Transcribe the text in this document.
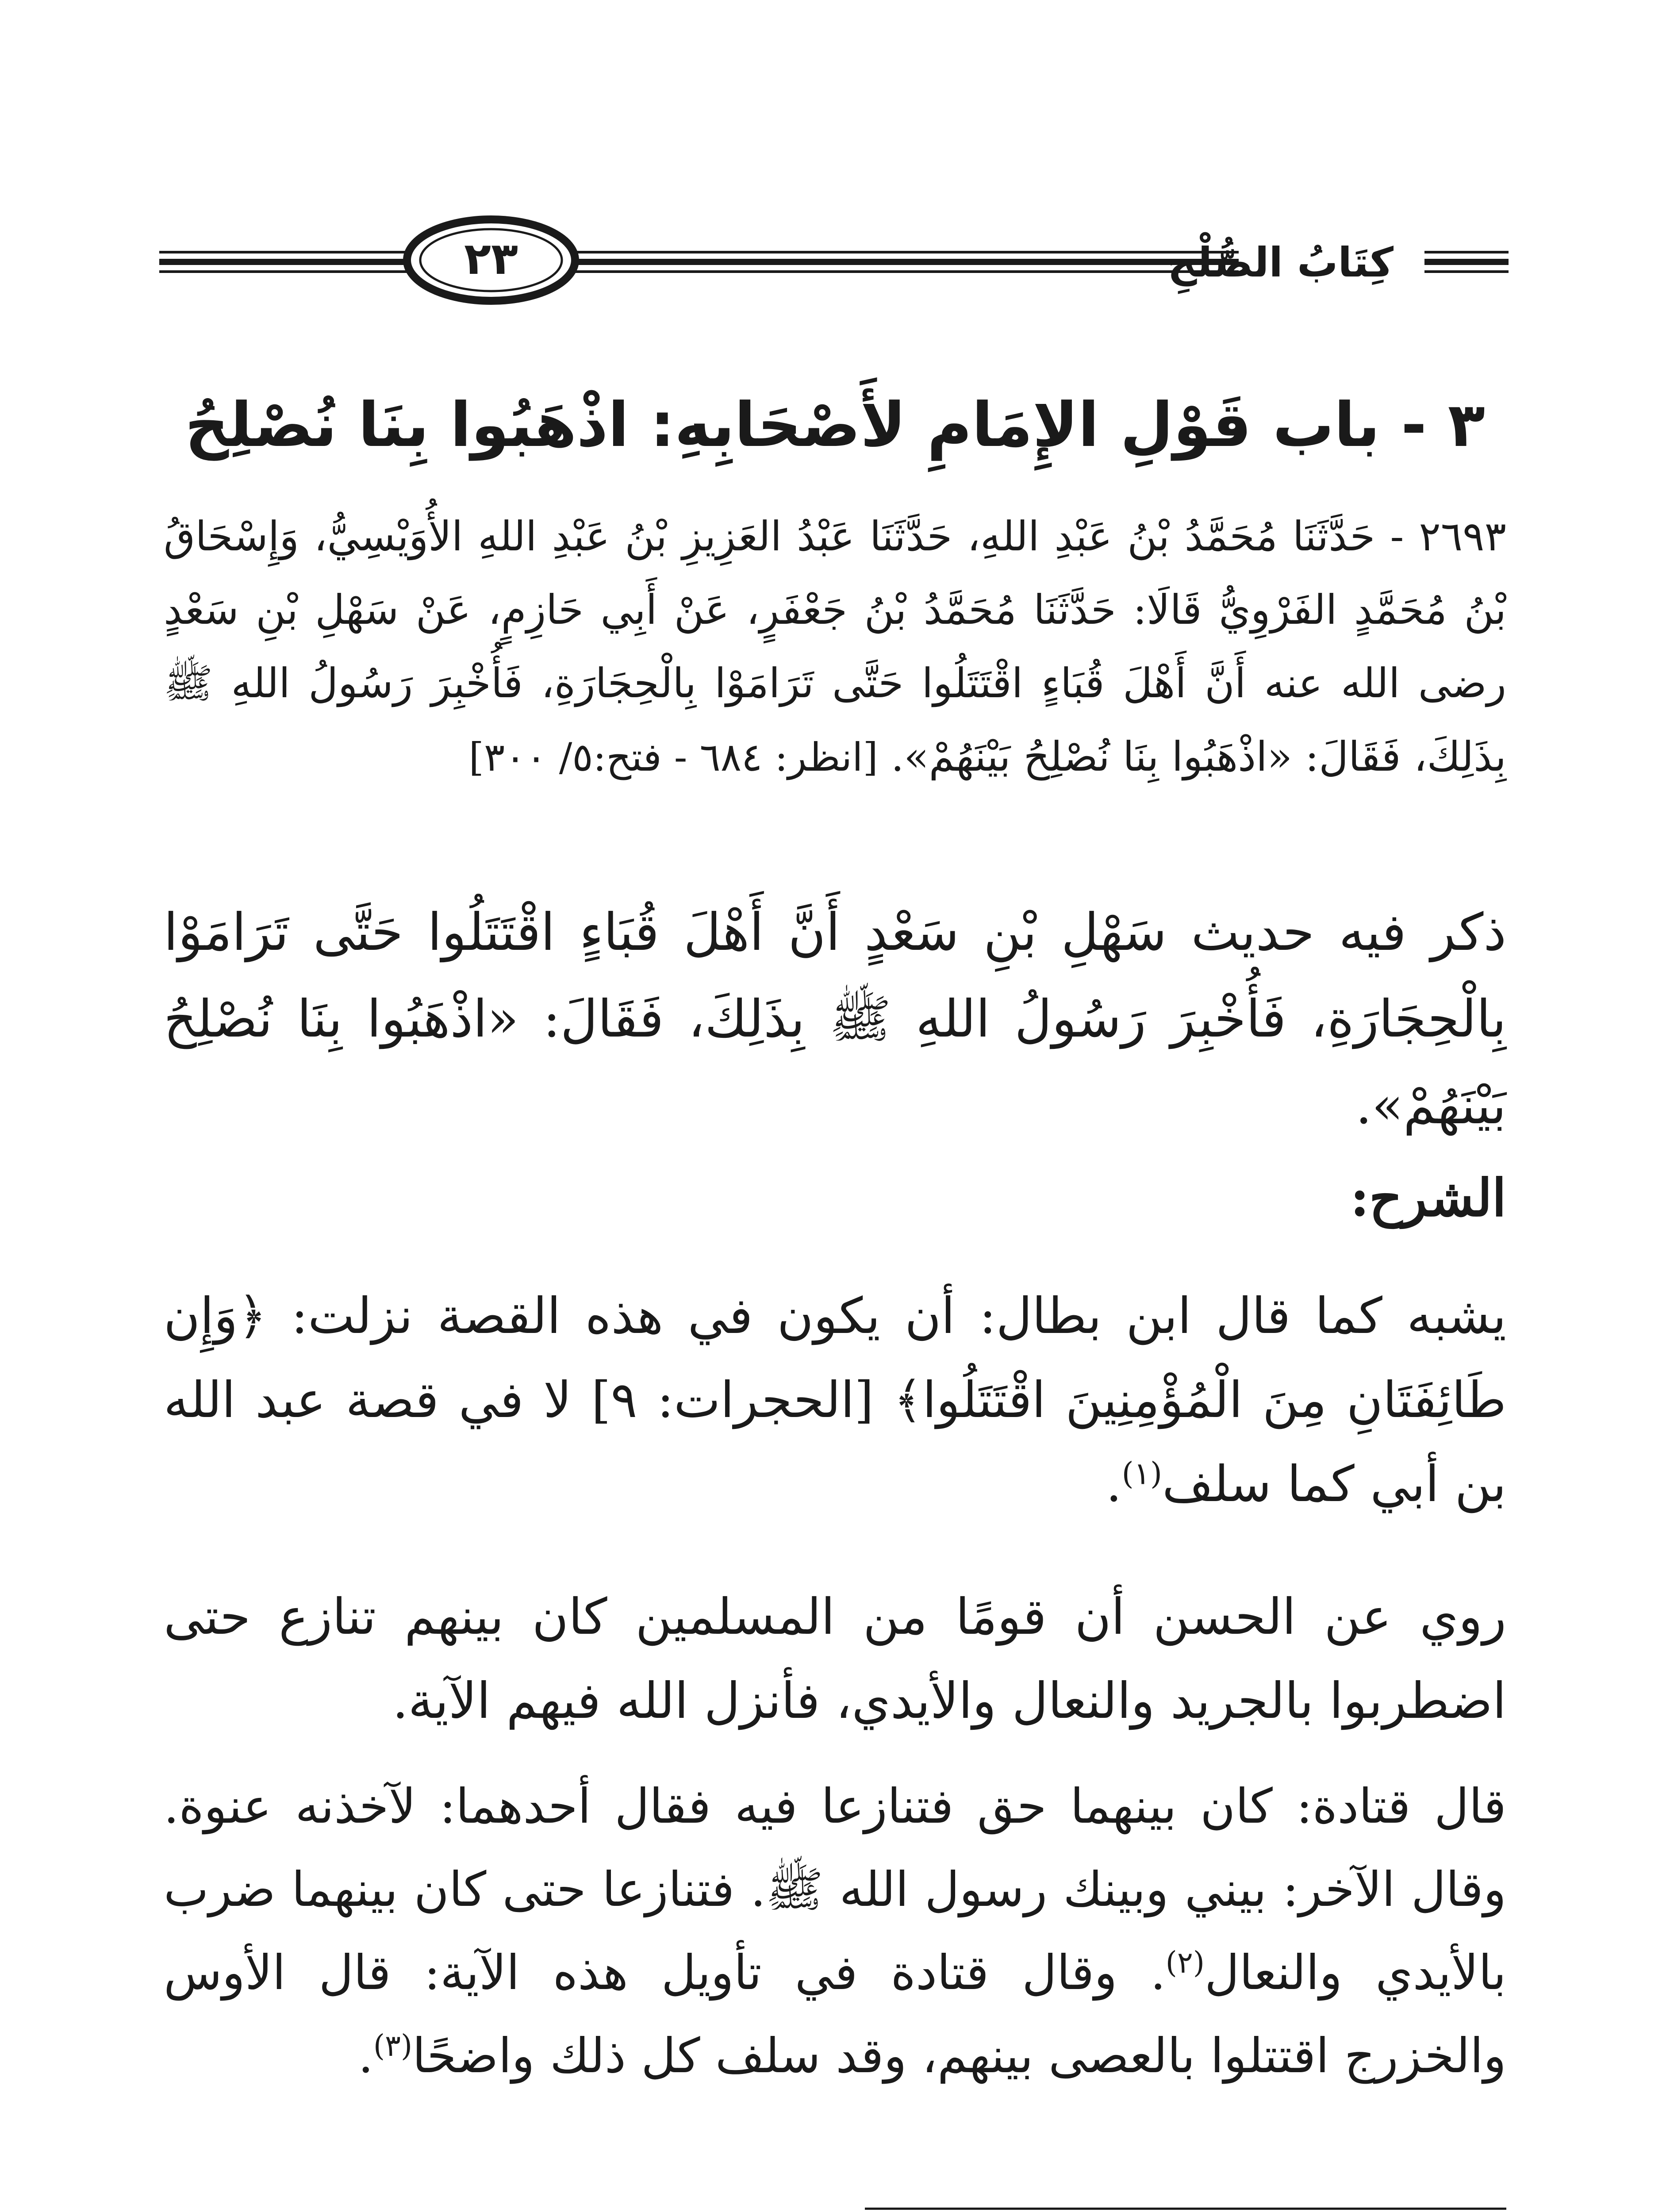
٢٣	كِتَابُ الصُّلْحِ
٣ - باب قَوْلِ الإِمَامِ لأَصْحَابِهِ: اذْهَبُوا بِنَا نُصْلِحُ
٢٦٩٣ - حَدَّثَنَا مُحَمَّدُ بْنُ عَبْدِ اللهِ، حَدَّثَنَا عَبْدُ العَزِيزِ بْنُ عَبْدِ اللهِ الأُوَيْسِيُّ، وَإِسْحَاقُ بْنُ مُحَمَّدٍ الفَرْوِيُّ قَالَا: حَدَّثَنَا مُحَمَّدُ بْنُ جَعْفَرٍ، عَنْ أَبِي حَازِمٍ، عَنْ سَهْلِ بْنِ سَعْدٍ رضى الله عنه أَنَّ أَهْلَ قُبَاءٍ اقْتَتَلُوا حَتَّى تَرَامَوْا بِالْحِجَارَةِ، فَأُخْبِرَ رَسُولُ اللهِ ﷺ بِذَلِكَ، فَقَالَ: «اذْهَبُوا بِنَا نُصْلِحُ بَيْنَهُمْ». [انظر: ٦٨٤ - فتح:٥/ ٣٠٠]
ذكر فيه حديث سَهْلِ بْنِ سَعْدٍ أَنَّ أَهْلَ قُبَاءٍ اقْتَتَلُوا حَتَّى تَرَامَوْا بِالْحِجَارَةِ، فَأُخْبِرَ رَسُولُ اللهِ ﷺ بِذَلِكَ، فَقَالَ: «اذْهَبُوا بِنَا نُصْلِحُ بَيْنَهُمْ».
الشرح:
يشبه كما قال ابن بطال: أن يكون في هذه القصة نزلت: ﴿وَإِن طَائِفَتَانِ مِنَ الْمُؤْمِنِينَ اقْتَتَلُوا﴾ [الحجرات: ٩] لا في قصة عبد الله بن أبي كما سلف$^{(١)}$.
روي عن الحسن أن قومًا من المسلمين كان بينهم تنازع حتى اضطربوا بالجريد والنعال والأيدي، فأنزل الله فيهم الآية.
قال قتادة: كان بينهما حق فتنازعا فيه فقال أحدهما: لآخذنه عنوة. وقال الآخر: بيني وبينك رسول الله ﷺ. فتنازعا حتى كان بينهما ضرب بالأيدي والنعال$^{(٢)}$. وقال قتادة في تأويل هذه الآية: قال الأوس والخزرج اقتتلوا بالعصى بينهم، وقد سلف كل ذلك واضحًا$^{(٣)}$.
